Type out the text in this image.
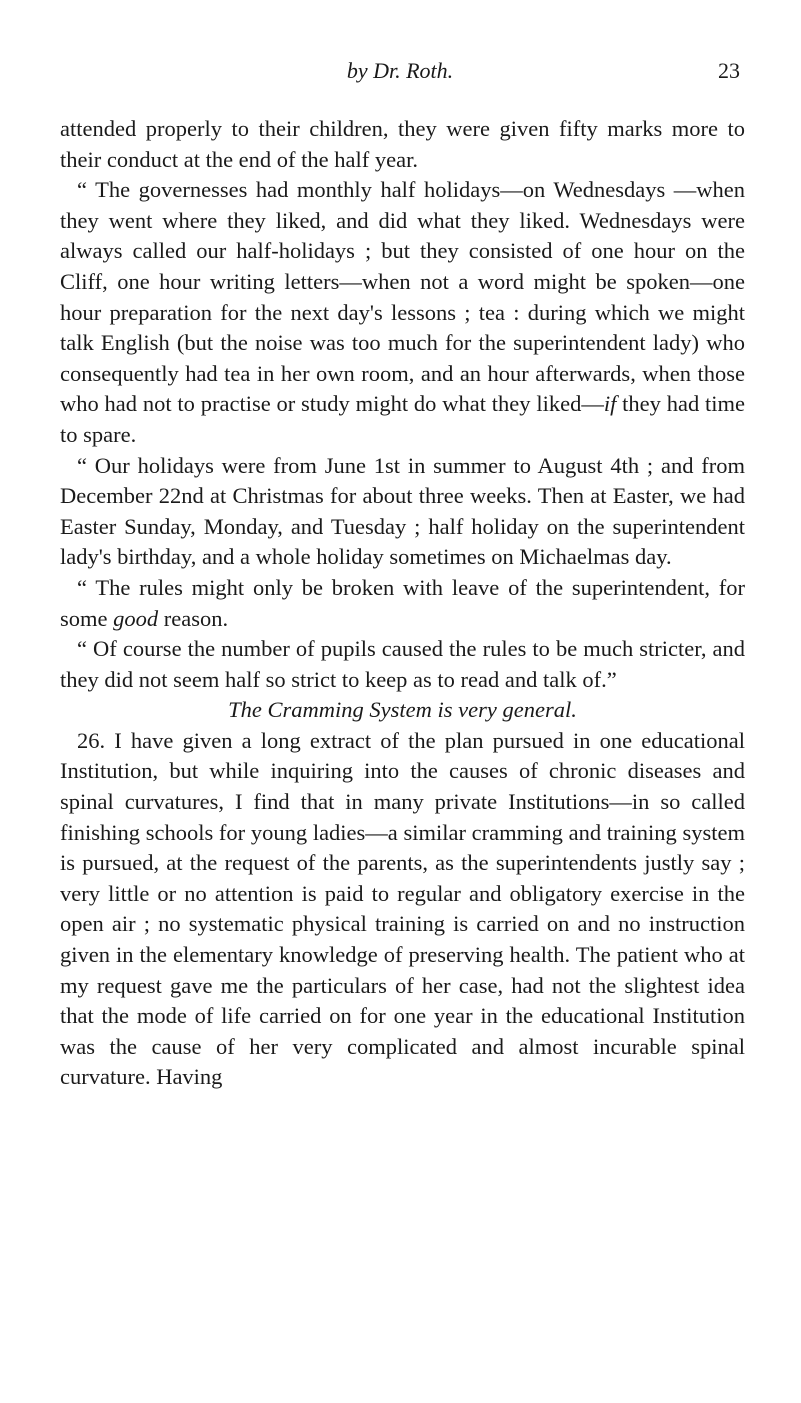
by Dr. Roth.	23

attended properly to their children, they were given fifty marks more to their conduct at the end of the half year.

“ The governesses had monthly half holidays—on Wednesdays —when they went where they liked, and did what they liked. Wednesdays were always called our half-holidays ; but they consisted of one hour on the Cliff, one hour writing letters—when not a word might be spoken—one hour preparation for the next day's lessons ; tea : during which we might talk English (but the noise was too much for the superintendent lady) who consequently had tea in her own room, and an hour afterwards, when those who had not to practise or study might do what they liked—if they had time to spare.

“ Our holidays were from June 1st in summer to August 4th ; and from December 22nd at Christmas for about three weeks. Then at Easter, we had Easter Sunday, Monday, and Tuesday ; half holiday on the superintendent lady's birthday, and a whole holiday sometimes on Michaelmas day.

“ The rules might only be broken with leave of the superintendent, for some good reason.

“ Of course the number of pupils caused the rules to be much stricter, and they did not seem half so strict to keep as to read and talk of.”

The Cramming System is very general.

26. I have given a long extract of the plan pursued in one educational Institution, but while inquiring into the causes of chronic diseases and spinal curvatures, I find that in many private Institutions—in so called finishing schools for young ladies—a similar cramming and training system is pursued, at the request of the parents, as the superintendents justly say ; very little or no attention is paid to regular and obligatory exercise in the open air ; no systematic physical training is carried on and no instruction given in the elementary knowledge of preserving health. The patient who at my request gave me the particulars of her case, had not the slightest idea that the mode of life carried on for one year in the educational Institution was the cause of her very complicated and almost incurable spinal curvature. Having
